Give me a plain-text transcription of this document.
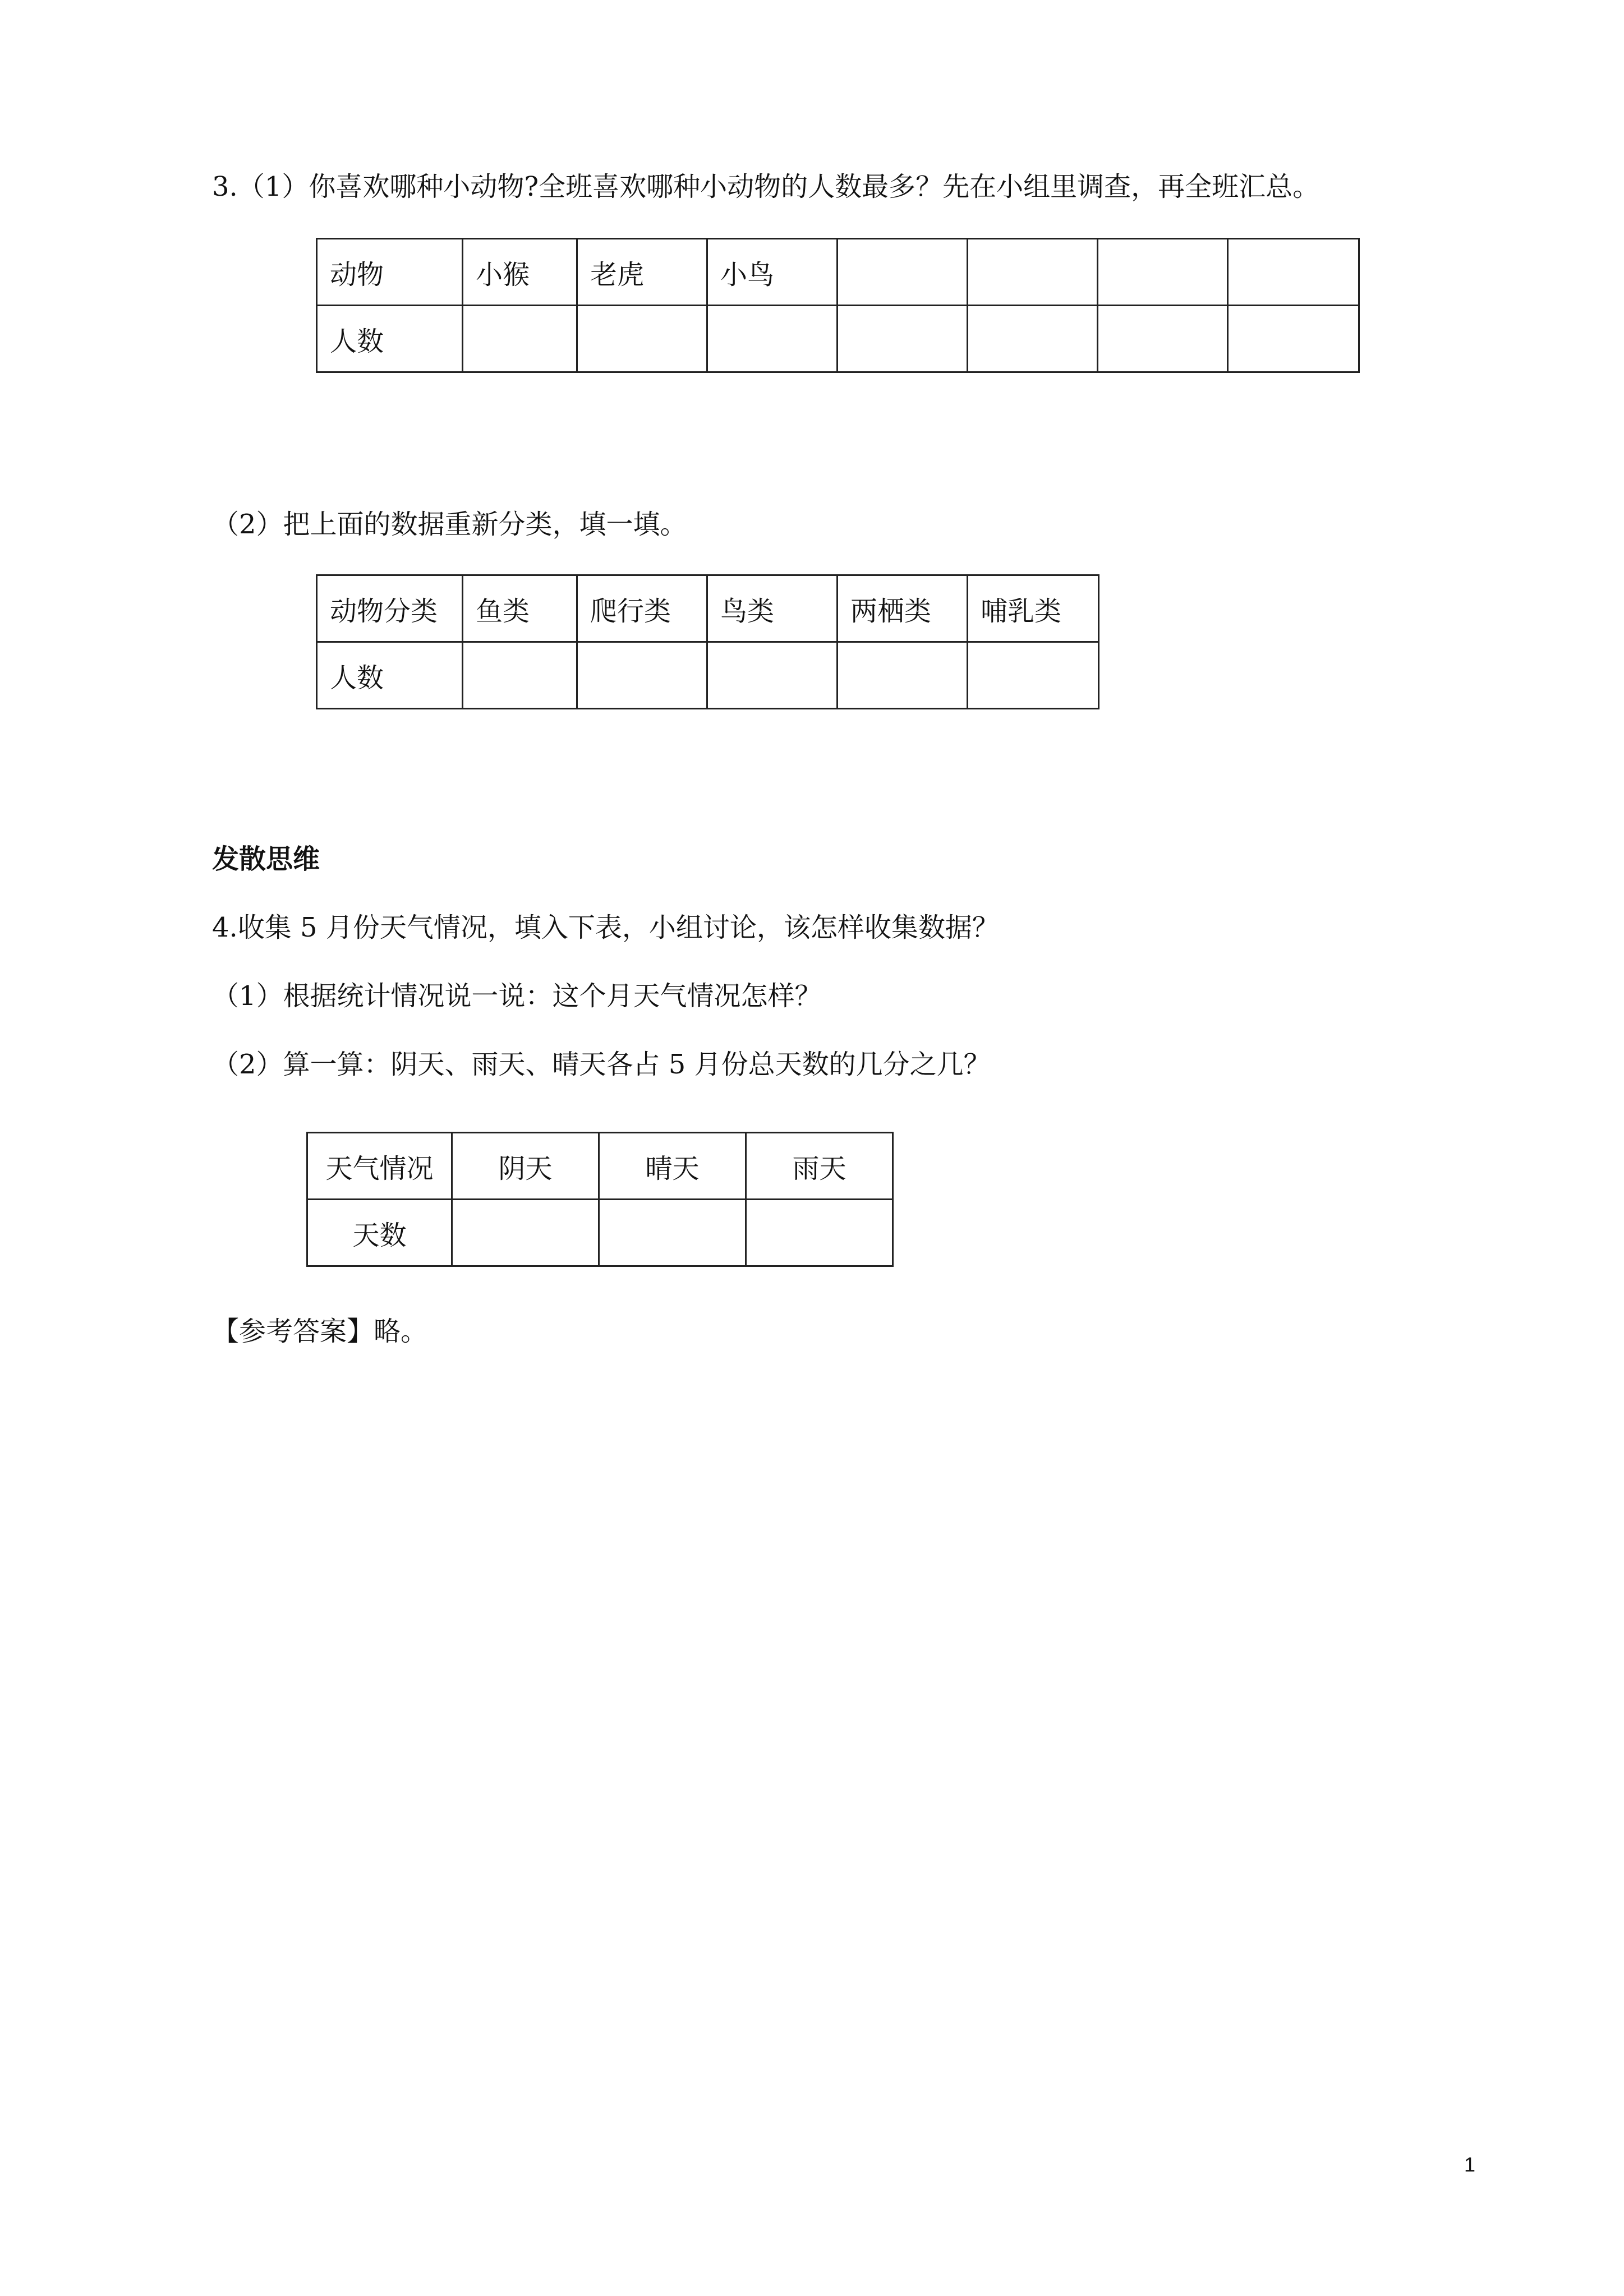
3.（1）你喜欢哪种小动物?全班喜欢哪种小动物的人数最多？先在小组里调查，再全班汇总。
动物	小猴	老虎	小鸟				
人数							
（2）把上面的数据重新分类，填一填。
动物分类	鱼类	爬行类	鸟类	两栖类	哺乳类
人数					
发散思维
4.收集 5 月份天气情况，填入下表，小组讨论，该怎样收集数据？
（1）根据统计情况说一说：这个月天气情况怎样？
（2）算一算：阴天、雨天、晴天各占 5 月份总天数的几分之几？
天气情况	阴天	晴天	雨天
天数			
【参考答案】略。
1
